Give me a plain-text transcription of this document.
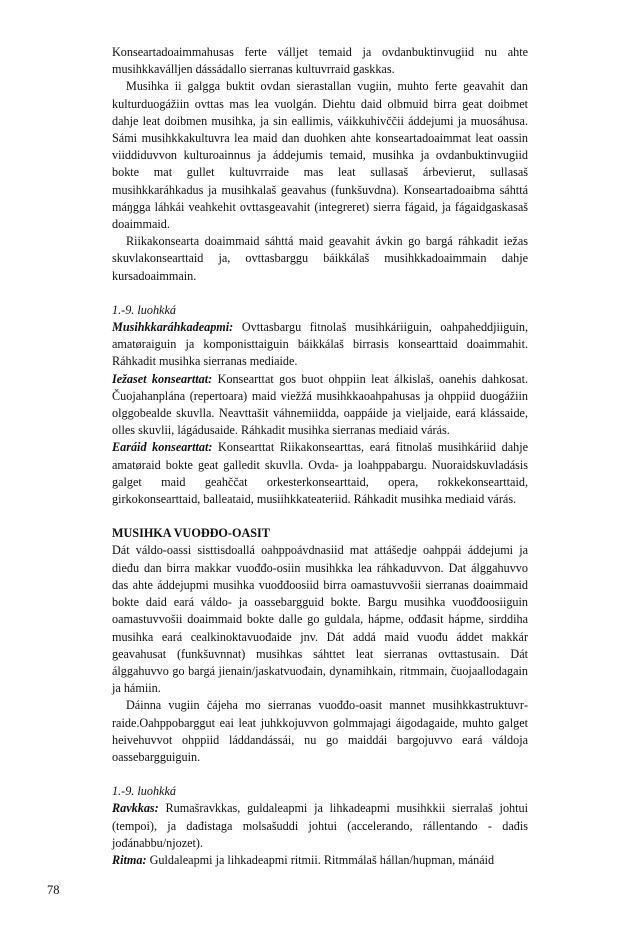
Konseartadoaimmahusas ferte válljet temaid ja ovdanbuktinvugiid nu ahte musihkkaválljen dássádallo sierranas kultuvrraid gaskkas.

Musihka ii galgga buktit ovdan sierastallan vugiin, muhto ferte geavahit dan kulturduogážiin ovttas mas lea vuolgán. Diehtu daid olbmuid birra geat doibmet dahje leat doibmen musihka, ja sin eallimis, váikkuhivččii áddejumi ja muosáhusa. Sámi musihkkakultuvra lea maid dan duohken ahte konseartadoaimmat leat oassin viiddiduvvon kulturoainnus ja áddejumis temaid, musihka ja ovdanbuktinvugiid bokte mat gullet kultuvrraide mas leat sullasaš árbevierut, sullasaš musihkkaráhkadus ja musihkalaš geavahus (funkšuvdna). Konseartadoaibma sáhttá máŋgga láhkái veahkehit ovttasgeavahit (integreret) sierra fágaid, ja fágaidgaskasaš doaimmaid.

Riikakonsearta doaimmaid sáhttá maid geavahit ávkin go bargá ráhkadit iežas skuvlakonsearttaid ja, ovttasbarggu báikkálaš musihkkadoaimmain dahje kursadoaimmain.

1.-9. luohkká

Musihkkaráhkadeapmi: Ovttasbargu fitnolaš musihkáriiguin, oahpaheddjiiguin, amatøraiguin ja komponisttaiguin báikkálaš birrasis konsearttaid doaimmahit. Ráhkadit musihka sierranas mediaide.

Iežaset konsearttat: Konsearttat gos buot ohppiin leat álkislaš, oanehis dahkosat. Čuojahanplána (repertoara) maid viežžá musihkkaoahpahusas ja ohppiid duogážiin olggobealde skuvlla. Neavttašit váhnemiidda, oappáide ja vieljaide, eará klássaide, olles skuvlii, lágádusaide. Ráhkadit musihka sierranas mediaid várás.

Earáid konsearttat: Konsearttat Riikakonsearttas, eará fitnolaš musihkáriid dahje amatøraid bokte geat galledit skuvlla. Ovda- ja loahppabargu. Nuoraidskuvladásis galget maid geahččat orkesterkonsearttaid, opera, rokkekonsearttaid, girkokonsearttaid, balleataid, musiihkkateateriid. Ráhkadit musihka mediaid várás.

MUSIHKA VUOĐĐO-OASIT

Dát váldo-oassi sisttisdoallá oahppoávdnasiid mat attášedje oahppái áddejumi ja dieđu dan birra makkar vuođđo-osiin musihkka lea ráhkaduvvon. Dat álggahuvvo das ahte áddejupmi musihka vuođđoosiid birra oamastuvvošii sierranas doaimmaid bokte daid eará váldo- ja oassebargguid bokte. Bargu musihka vuođđoosiiguin oamastuvvošii doaimmaid bokte dalle go guldala, hápme, ođđasit hápme, sirddiha musihka eará cealkinoktavuođaide jnv. Dát addá maid vuođu áddet makkár geavahusat (funkšuvnnat) musihkas sáhttet leat sierranas ovttastusain. Dát álggahuvvo go bargá jienain/jaskatvuođain, dynamihkain, ritmmain, čuojaallodagain ja hámiin.

Dáinna vugiin čájeha mo sierranas vuođđo-oasit mannet musihkkastruktuvrraide.Oahppobarggut eai leat juhkkojuvvon golmmajagi áigodagaide, muhto galget heivehuvvot ohppiid láddandássái, nu go maiddái bargojuvvo eará váldoja oassebargguiguin.

1.-9. luohkká

Ravkkas: Rumašravkkas, guldaleapmi ja lihkadeapmi musihkkii sierralaš johtui (tempoi), ja dađistaga molsašuddi johtui (accelerando, rállentando - dađis jođánabbu/njozet).

Ritma: Guldaleapmi ja lihkadeapmi ritmii. Ritmmálaš hállan/hupman, mánáid

78
